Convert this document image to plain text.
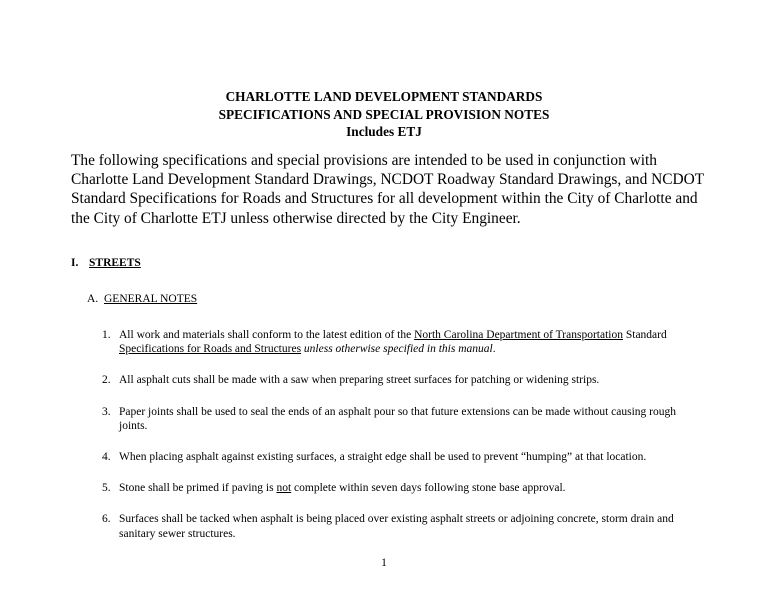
CHARLOTTE LAND DEVELOPMENT STANDARDS
SPECIFICATIONS AND SPECIAL PROVISION NOTES
Includes ETJ
The following specifications and special provisions are intended to be used in conjunction with Charlotte Land Development Standard Drawings, NCDOT Roadway Standard Drawings, and NCDOT Standard Specifications for Roads and Structures for all development within the City of Charlotte and the City of Charlotte ETJ unless otherwise directed by the City Engineer.
I. STREETS
A. GENERAL NOTES
1. All work and materials shall conform to the latest edition of the North Carolina Department of Transportation Standard Specifications for Roads and Structures unless otherwise specified in this manual.
2. All asphalt cuts shall be made with a saw when preparing street surfaces for patching or widening strips.
3. Paper joints shall be used to seal the ends of an asphalt pour so that future extensions can be made without causing rough joints.
4. When placing asphalt against existing surfaces, a straight edge shall be used to prevent “humping” at that location.
5. Stone shall be primed if paving is not complete within seven days following stone base approval.
6. Surfaces shall be tacked when asphalt is being placed over existing asphalt streets or adjoining concrete, storm drain and sanitary sewer structures.
1
